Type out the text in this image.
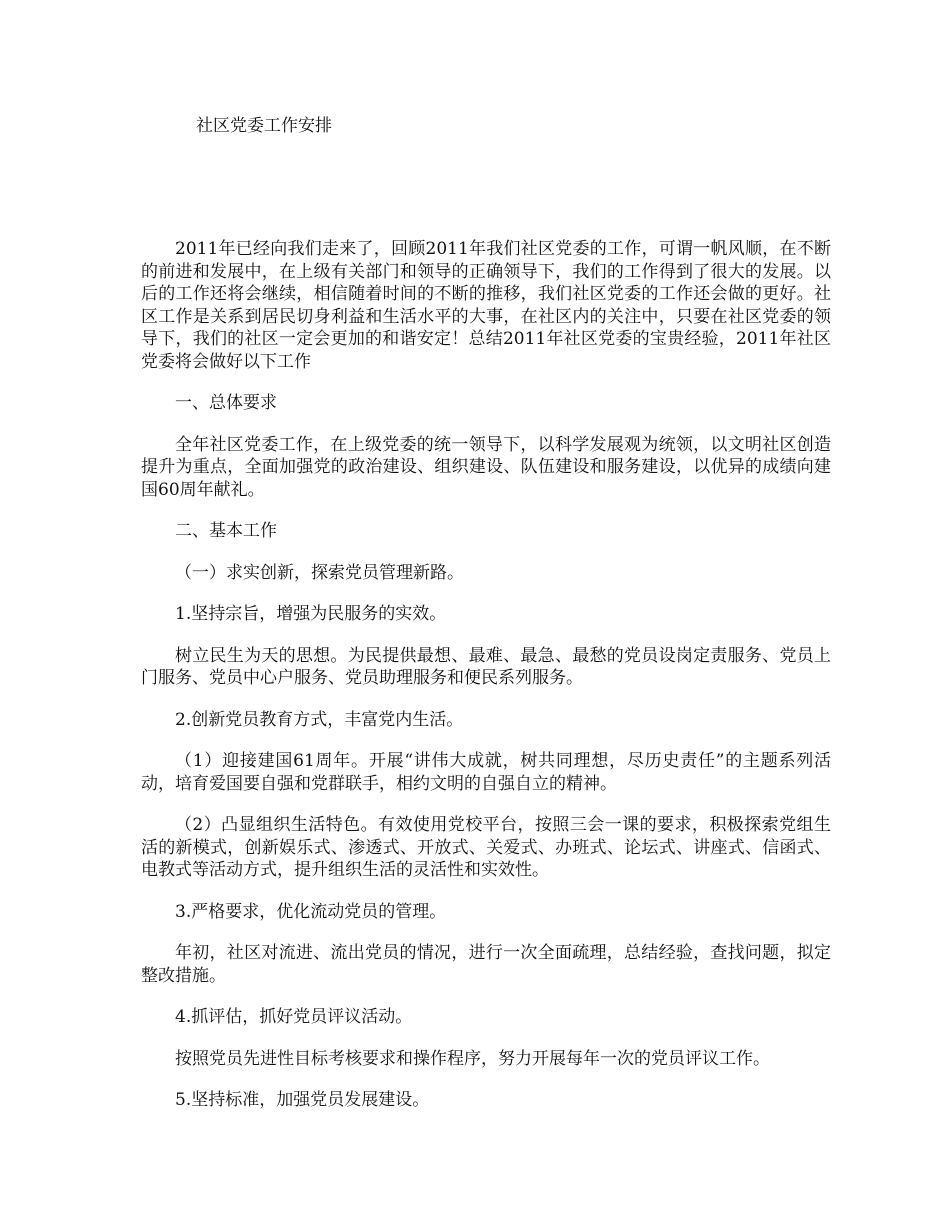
社区党委工作安排

2011年已经向我们走来了，回顾2011年我们社区党委的工作，可谓一帆风顺，在不断的前进和发展中，在上级有关部门和领导的正确领导下，我们的工作得到了很大的发展。以后的工作还将会继续，相信随着时间的不断的推移，我们社区党委的工作还会做的更好。社区工作是关系到居民切身利益和生活水平的大事，在社区内的关注中，只要在社区党委的领导下，我们的社区一定会更加的和谐安定！总结2011年社区党委的宝贵经验，2011年社区党委将会做好以下工作

一、总体要求

全年社区党委工作，在上级党委的统一领导下，以科学发展观为统领，以文明社区创造提升为重点，全面加强党的政治建设、组织建设、队伍建设和服务建设，以优异的成绩向建国60周年献礼。

二、基本工作

（一）求实创新，探索党员管理新路。

1.坚持宗旨，增强为民服务的实效。

树立民生为天的思想。为民提供最想、最难、最急、最愁的党员设岗定责服务、党员上门服务、党员中心户服务、党员助理服务和便民系列服务。

2.创新党员教育方式，丰富党内生活。

（1）迎接建国61周年。开展“讲伟大成就，树共同理想，尽历史责任”的主题系列活动，培育爱国要自强和党群联手，相约文明的自强自立的精神。

（2）凸显组织生活特色。有效使用党校平台，按照三会一课的要求，积极探索党组生活的新模式，创新娱乐式、渗透式、开放式、关爱式、办班式、论坛式、讲座式、信函式、电教式等活动方式，提升组织生活的灵活性和实效性。

3.严格要求，优化流动党员的管理。

年初，社区对流进、流出党员的情况，进行一次全面疏理，总结经验，查找问题，拟定整改措施。

4.抓评估，抓好党员评议活动。

按照党员先进性目标考核要求和操作程序，努力开展每年一次的党员评议工作。

5.坚持标准，加强党员发展建设。
